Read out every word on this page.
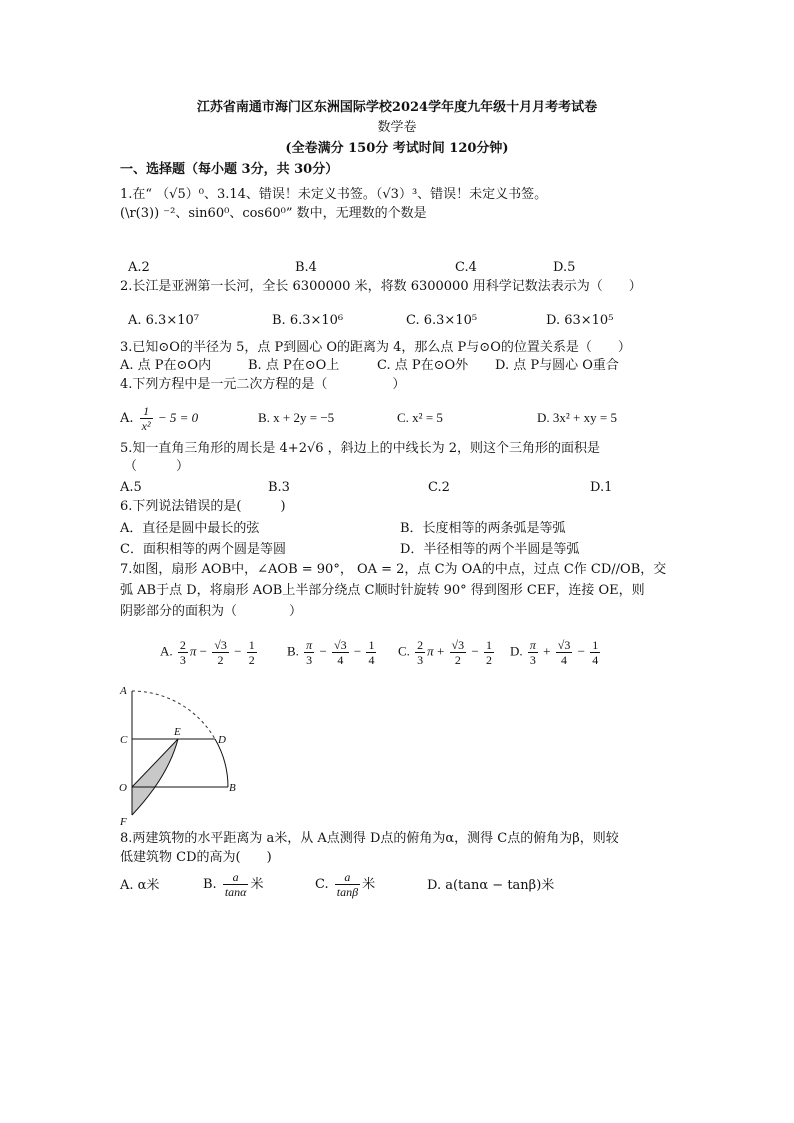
江苏省南通市海门区东洲国际学校2024学年度九年级十月月考考试卷
数学卷
(全卷满分 150分 考试时间 120分钟)
一、选择题（每小题 3分，共 30分）
1.在“ （√5）⁰、3.14、错误！未定义书签。（√3）³、错误！未定义书签。
(\r(3)) ⁻²、sin60⁰、cos60⁰” 数中，无理数的个数是
A.2	B.4	C.4	D.5
2.长江是亚洲第一长河，全长 6300000 米，将数 6300000 用科学记数法表示为（　　）
A. 6.3×10⁷	B. 6.3×10⁶	C. 6.3×10⁵	D. 63×10⁵
3.已知⊙O的半径为 5，点 P到圆心 O的距离为 4，那么点 P与⊙O的位置关系是（　　）
A. 点 P在⊙O内	B. 点 P在⊙O上	C. 点 P在⊙O外 D. 点 P与圆心 O重合
4.下列方程中是一元二次方程的是（　　　　　）
A. $\frac{1}{\text{x²}} - 5 = 0$	B. x + 2y = −5	C. x² = 5	D. 3x² + xy = 5
5.知一直角三角形的周长是 4+2√6 ，斜边上的中线长为 2，则这个三角形的面积是
（　　　）
A.5	B.3	C.2	D.1
6.下列说法错误的是(　　　)
A．直径是圆中最长的弦	B．长度相等的两条弧是等弧
C．面积相等的两个圆是等圆	D．半径相等的两个半圆是等弧
7.如图，扇形 AOB中，∠AOB = 90°， OA = 2，点 C为 OA的中点，过点 C作 CD//OB，交
弧 AB于点 D，将扇形 AOB上半部分绕点 C顺时针旋转 90° 得到图形 CEF，连接 OE，则
阴影部分的面积为（　　　　）
A. $\frac{2}{3}$ $\pi - \frac{√3}{2} - \frac{1}{2} B$. $\frac{\pi}{3} - \frac{√3}{4} - \frac{1}{4} C$. $\frac{2}{3}$ $\pi + \frac{√3}{2} - \frac{1}{2} D$. $\frac{\pi}{3} + \frac{√3}{4} - \frac{1}{4}$
A
C
E
D
O	B
F
8.两建筑物的水平距离为 a米，从 A点测得 D点的俯角为α，测得 C点的俯角为β，则较
低建筑物 CD的高为(　　)
A. α米	B. $\frac{a}{\tan\alpha}$ 米	C. $\frac{a}{\tan\beta}$ 米	D. a(tanα − tanβ)米
